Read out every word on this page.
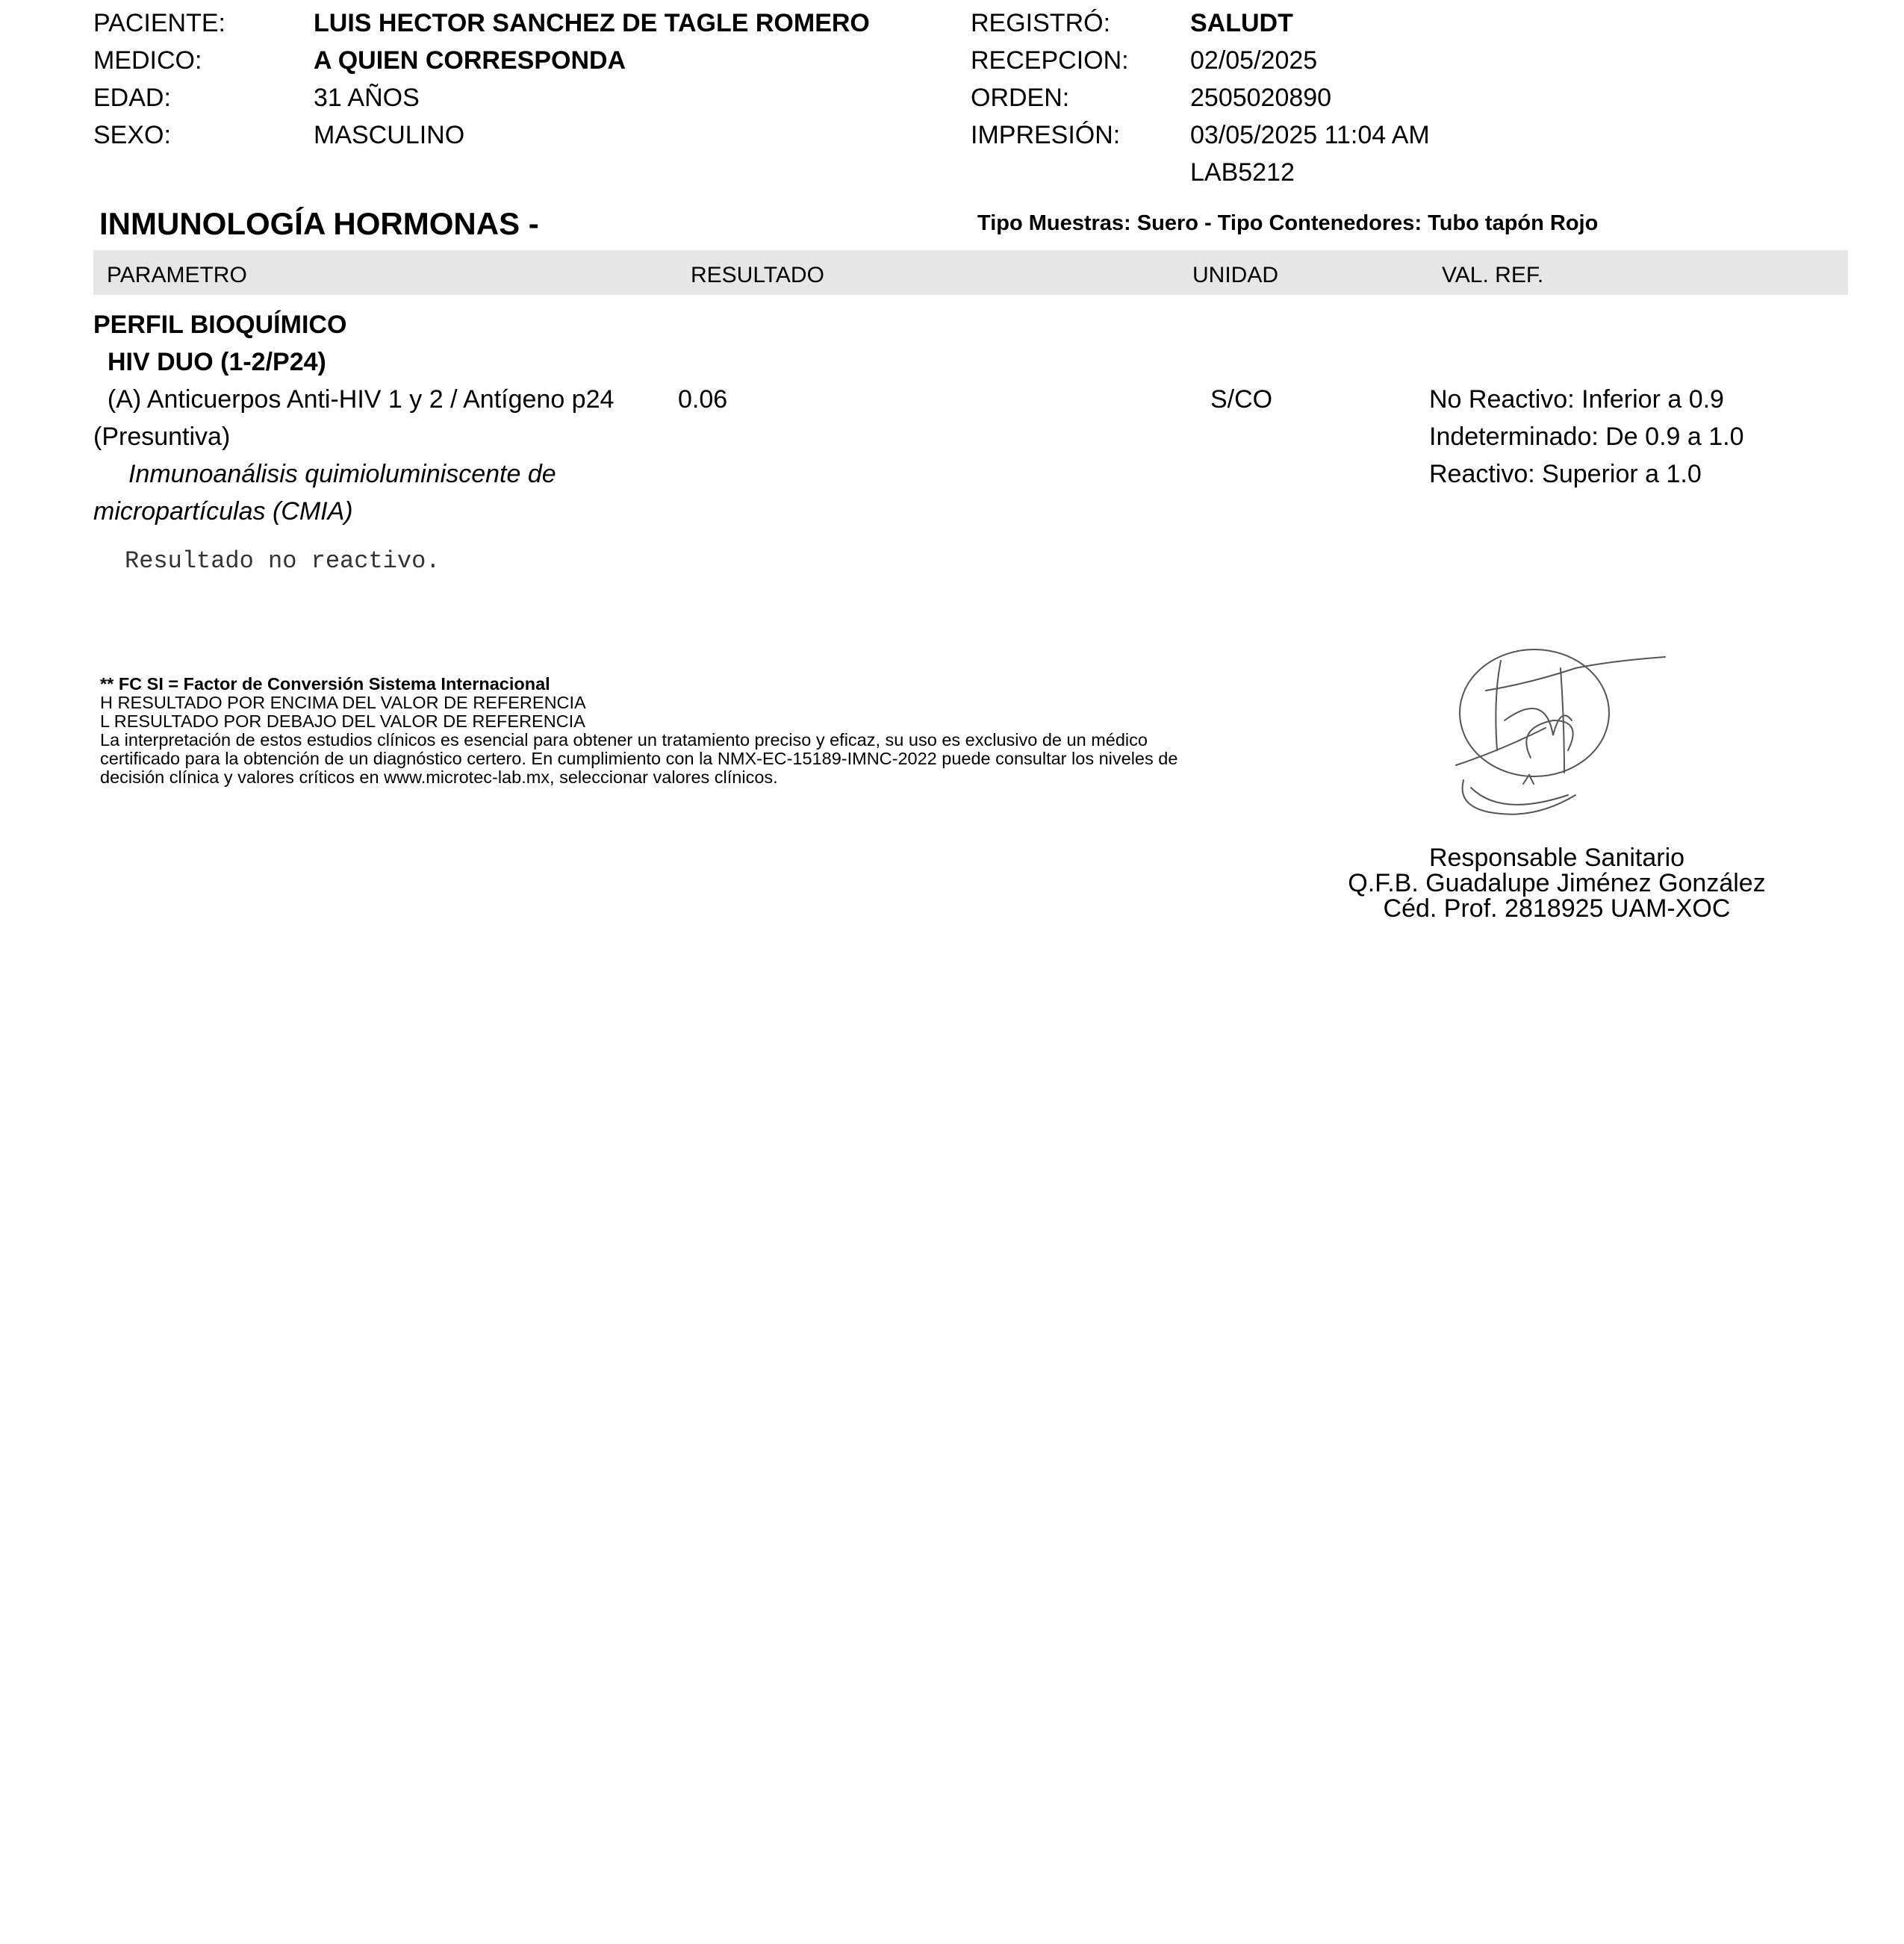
PACIENTE:	LUIS HECTOR SANCHEZ DE TAGLE ROMERO
MEDICO:	A QUIEN CORRESPONDA
EDAD:	31 AÑOS
SEXO:	MASCULINO
REGISTRÓ:	SALUDT
RECEPCION: 02/05/2025
ORDEN:	2505020890
IMPRESIÓN:	03/05/2025 11:04 AM
LAB5212
INMUNOLOGÍA HORMONAS -	Tipo Muestras: Suero - Tipo Contenedores: Tubo tapón Rojo
PARAMETRO	RESULTADO	UNIDAD	VAL. REF.
PERFIL BIOQUÍMICO
HIV DUO (1-2/P24)
(A) Anticuerpos Anti-HIV 1 y 2 / Antígeno p24
(Presuntiva)
Inmunoanálisis quimioluminiscente de
micropartículas (CMIA)
0.06	S/CO	No Reactivo: Inferior a 0.9
Indeterminado: De 0.9 a 1.0
Reactivo: Superior a 1.0
Resultado no reactivo.
** FC SI = Factor de Conversión Sistema Internacional
H RESULTADO POR ENCIMA DEL VALOR DE REFERENCIA
L RESULTADO POR DEBAJO DEL VALOR DE REFERENCIA
La interpretación de estos estudios clínicos es esencial para obtener un tratamiento preciso y eficaz, su uso es exclusivo de un médico
certificado para la obtención de un diagnóstico certero. En cumplimiento con la NMX-EC-15189-IMNC-2022 puede consultar los niveles de
decisión clínica y valores críticos en www.microtec-lab.mx, seleccionar valores clínicos.
Responsable Sanitario
Q.F.B. Guadalupe Jiménez González
Céd. Prof. 2818925 UAM-XOC
